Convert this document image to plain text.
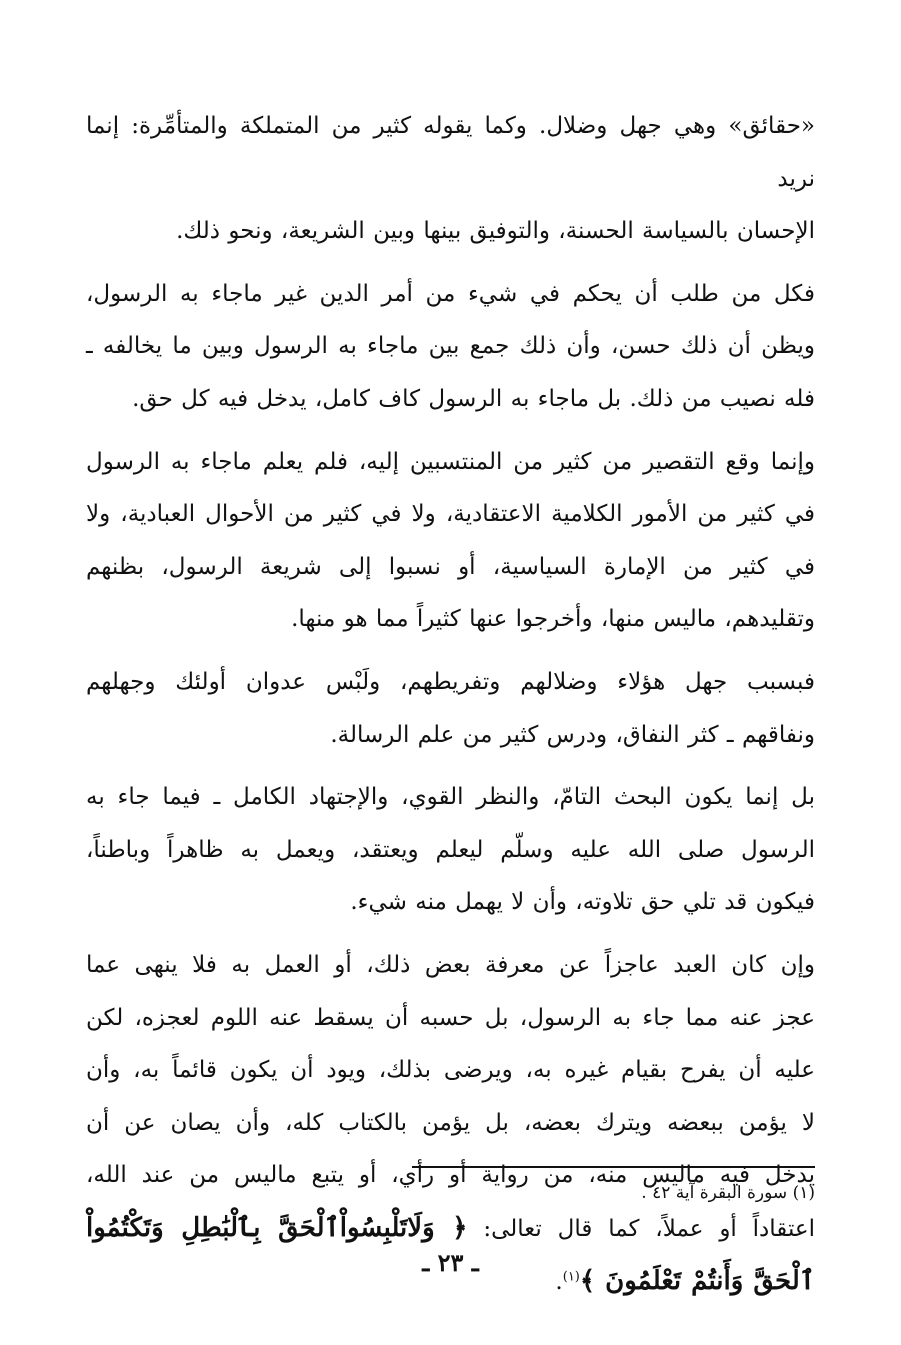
«حقائق» وهي جهل وضلال. وكما يقوله كثير من المتملكة والمتأمِّرة: إنما نريد
الإحسان بالسياسة الحسنة، والتوفيق بينها وبين الشريعة، ونحو ذلك.

فكل من طلب أن يحكم في شيء من أمر الدين غير ماجاء به الرسول،
ويظن أن ذلك حسن، وأن ذلك جمع بين ماجاء به الرسول وبين ما يخالفه ـ
فله نصيب من ذلك. بل ماجاء به الرسول كاف كامل، يدخل فيه كل حق.

وإنما وقع التقصير من كثير من المنتسبين إليه، فلم يعلم ماجاء به الرسول
في كثير من الأمور الكلامية الاعتقادية، ولا في كثير من الأحوال العبادية، ولا
في كثير من الإمارة السياسية، أو نسبوا إلى شريعة الرسول، بظنهم
وتقليدهم، ماليس منها، وأخرجوا عنها كثيراً مما هو منها.

فبسبب جهل هؤلاء وضلالهم وتفريطهم، ولَبْس عدوان أولئك وجهلهم
ونفاقهم ـ كثر النفاق، ودرس كثير من علم الرسالة.

بل إنما يكون البحث التامّ، والنظر القوي، والإجتهاد الكامل ـ فيما جاء به
الرسول صلى الله عليه وسلّم ليعلم ويعتقد، ويعمل به ظاهراً وباطناً،
فيكون قد تلي حق تلاوته، وأن لا يهمل منه شيء.

وإن كان العبد عاجزاً عن معرفة بعض ذلك، أو العمل به فلا ينهى عما
عجز عنه مما جاء به الرسول، بل حسبه أن يسقط عنه اللوم لعجزه، لكن
عليه أن يفرح بقيام غيره به، ويرضى بذلك، ويود أن يكون قائماً به، وأن
لا يؤمن ببعضه ويترك بعضه، بل يؤمن بالكتاب كله، وأن يصان عن أن
يدخل فيه ماليس منه، من رواية أو رأي، أو يتبع ماليس من عند الله،
اعتقاداً أو عملاً، كما قال تعالى: ﴿ وَلَاتَلْبِسُواْٱلْحَقَّ بِٱلْبَٰطِلِ وَتَكْتُمُواْ
ٱلْحَقَّ وَأَنتُمْ تَعْلَمُونَ ﴾$^{(١)}$.

(١) سورة البقرة آية ٤٢ .
ـ ٢٣ ـ
